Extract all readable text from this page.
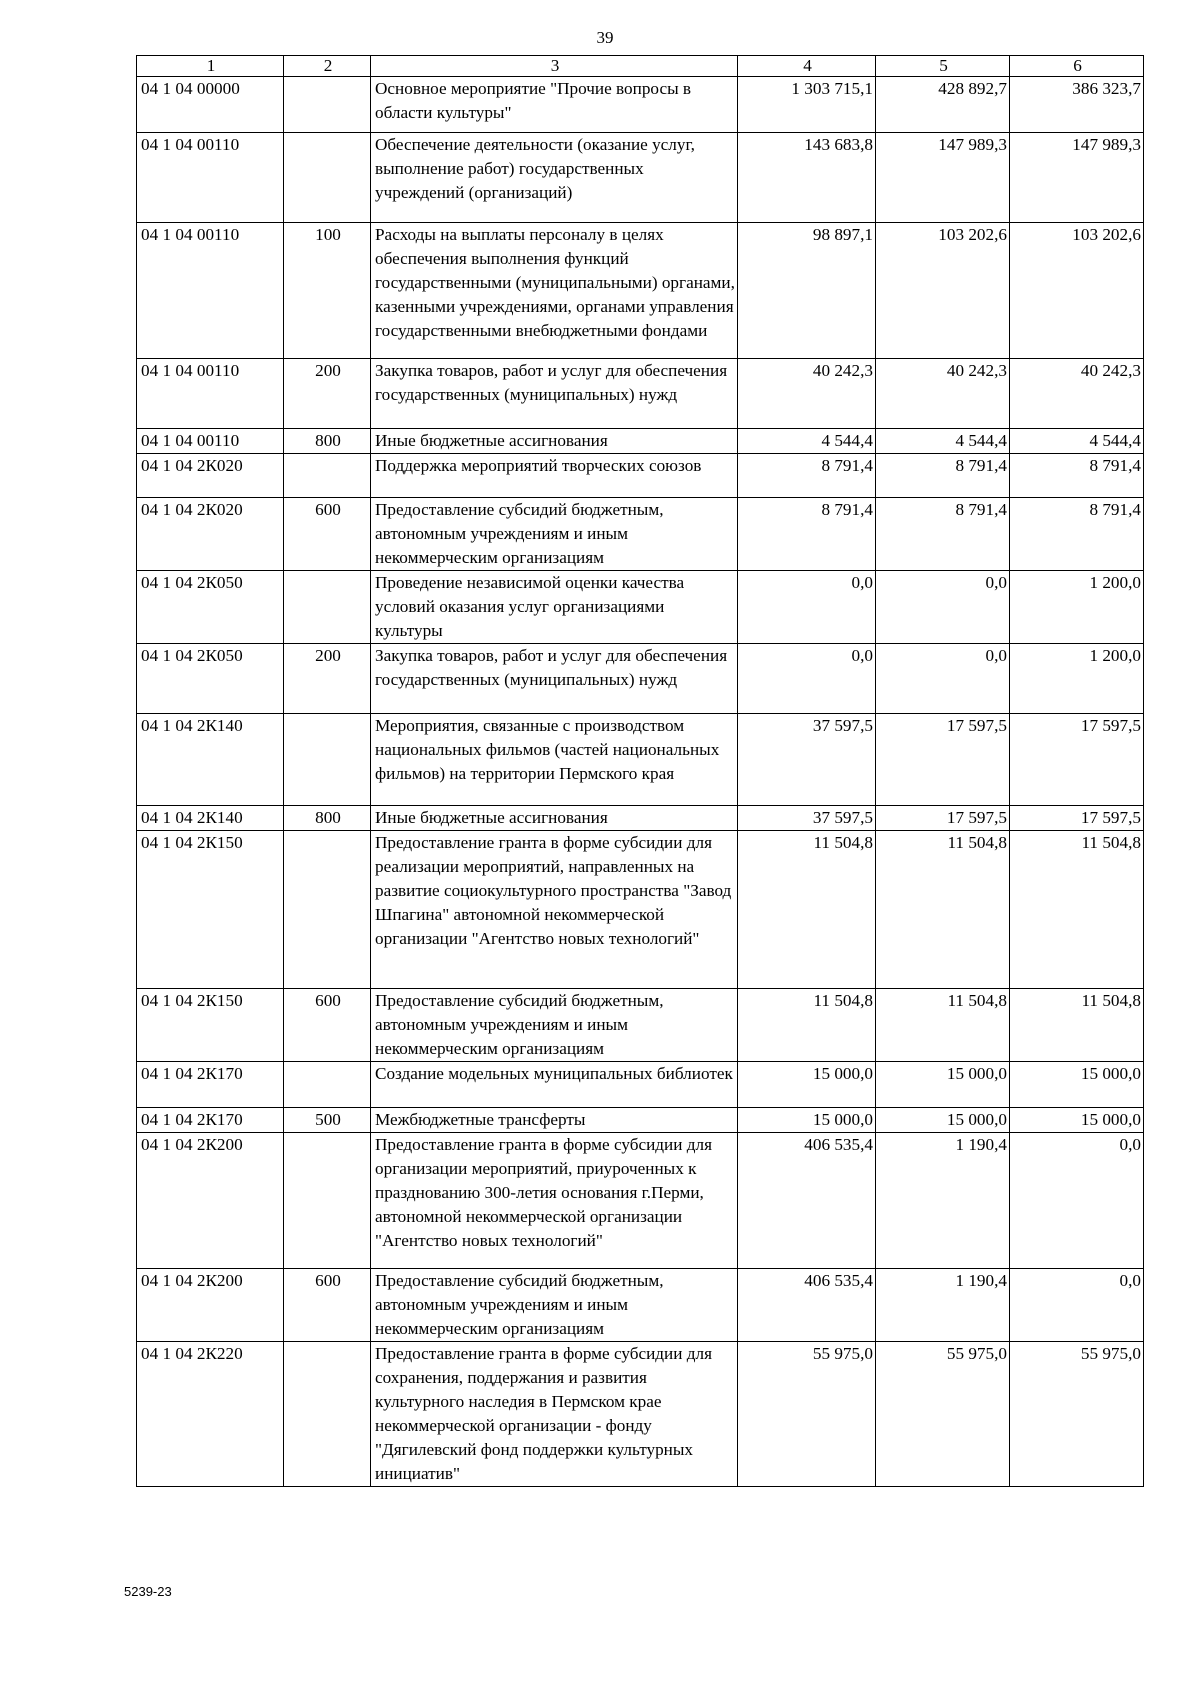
39
1	2	3	4	5	6
04 1 04 00000		Основное мероприятие "Прочие вопросы в области культуры"	1 303 715,1	428 892,7	386 323,7
04 1 04 00110		Обеспечение деятельности (оказание услуг, выполнение работ) государственных учреждений (организаций)	143 683,8	147 989,3	147 989,3
04 1 04 00110	100	Расходы на выплаты персоналу в целях обеспечения выполнения функций государственными (муниципальными) органами, казенными учреждениями, органами управления государственными внебюджетными фондами	98 897,1	103 202,6	103 202,6
04 1 04 00110	200	Закупка товаров, работ и услуг для обеспечения государственных (муниципальных) нужд	40 242,3	40 242,3	40 242,3
04 1 04 00110	800	Иные бюджетные ассигнования	4 544,4	4 544,4	4 544,4
04 1 04 2К020		Поддержка мероприятий творческих союзов	8 791,4	8 791,4	8 791,4
04 1 04 2К020	600	Предоставление субсидий бюджетным, автономным учреждениям и иным некоммерческим организациям	8 791,4	8 791,4	8 791,4
04 1 04 2К050		Проведение независимой оценки качества условий оказания услуг организациями культуры	0,0	0,0	1 200,0
04 1 04 2К050	200	Закупка товаров, работ и услуг для обеспечения государственных (муниципальных) нужд	0,0	0,0	1 200,0
04 1 04 2К140		Мероприятия, связанные с производством национальных фильмов (частей национальных фильмов) на территории Пермского края	37 597,5	17 597,5	17 597,5
04 1 04 2К140	800	Иные бюджетные ассигнования	37 597,5	17 597,5	17 597,5
04 1 04 2К150		Предоставление гранта в форме субсидии для реализации мероприятий, направленных на развитие социокультурного пространства "Завод Шпагина" автономной некоммерческой организации "Агентство новых технологий"	11 504,8	11 504,8	11 504,8
04 1 04 2К150	600	Предоставление субсидий бюджетным, автономным учреждениям и иным некоммерческим организациям	11 504,8	11 504,8	11 504,8
04 1 04 2К170		Создание модельных муниципальных библиотек	15 000,0	15 000,0	15 000,0
04 1 04 2К170	500	Межбюджетные трансферты	15 000,0	15 000,0	15 000,0
04 1 04 2К200		Предоставление гранта в форме субсидии для организации мероприятий, приуроченных к празднованию 300-летия основания г.Перми, автономной некоммерческой организации "Агентство новых технологий"	406 535,4	1 190,4	0,0
04 1 04 2К200	600	Предоставление субсидий бюджетным, автономным учреждениям и иным некоммерческим организациям	406 535,4	1 190,4	0,0
04 1 04 2К220		Предоставление гранта в форме субсидии для сохранения, поддержания и развития культурного наследия в Пермском крае некоммерческой организации - фонду "Дягилевский фонд поддержки культурных инициатив"	55 975,0	55 975,0	55 975,0
5239-23
